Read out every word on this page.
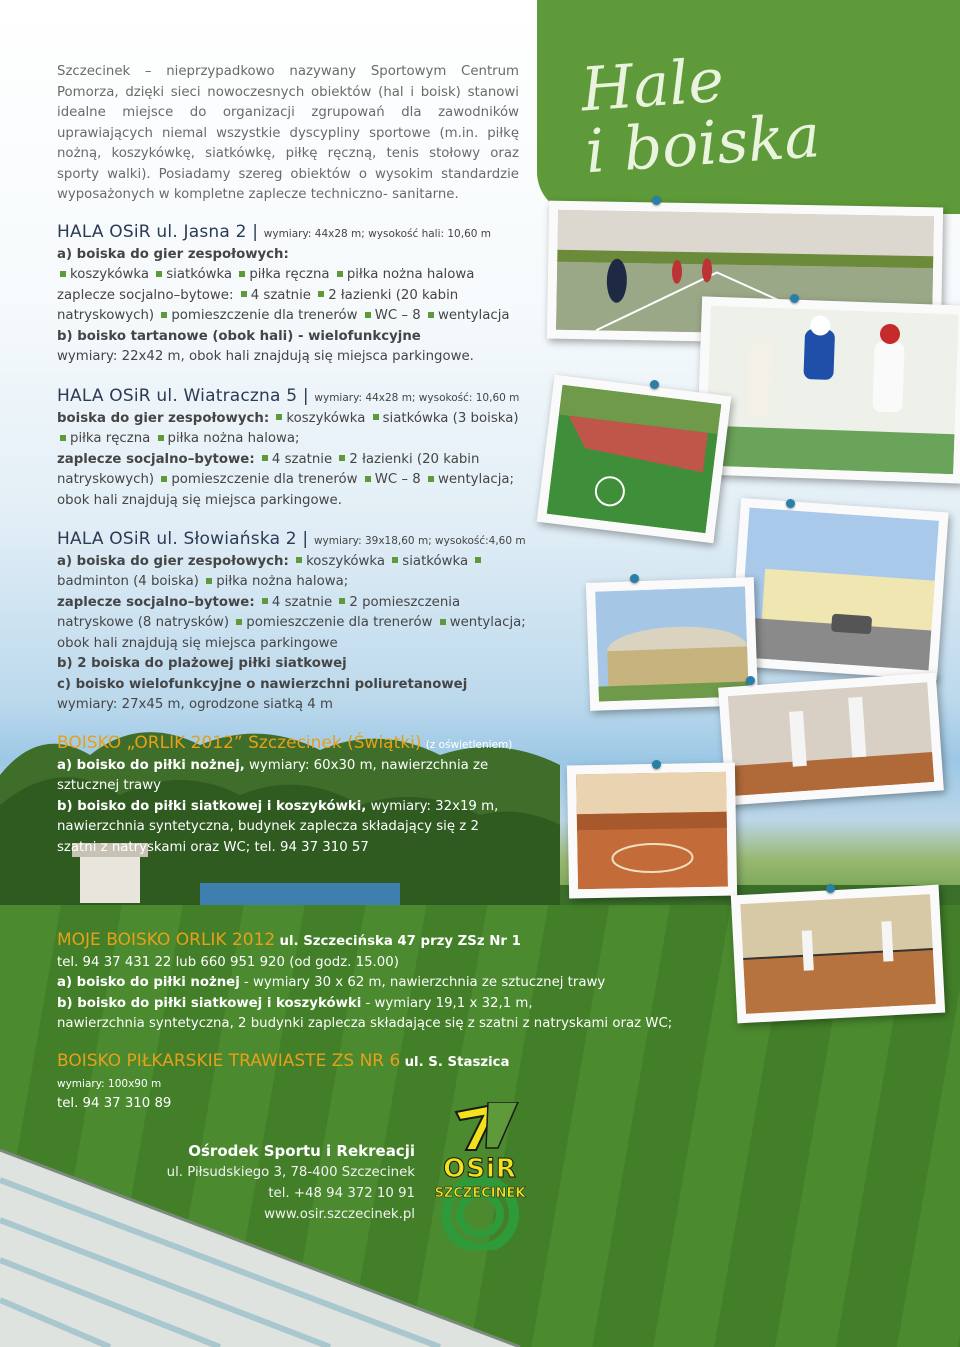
Hale
i boiska
Szczecinek – nieprzypadkowo nazywany Sportowym Centrum Pomorza, dzięki sieci nowoczesnych obiektów (hal i boisk) stanowi idealne miejsce do organizacji zgrupowań dla zawodników uprawiających niemal wszystkie dyscypliny sportowe (m.in. piłkę nożną, koszykówkę, siatkówkę, piłkę ręczną, tenis stołowy oraz sporty walki). Posiadamy szereg obiektów o wysokim standardzie wyposażonych w kompletne zaplecze techniczno- sanitarne.
HALA OSiR ul. Jasna 2 | wymiary: 44x28 m; wysokość hali: 10,60 m
a) boiska do gier zespołowych:
koszykówka siatkówka piłka ręczna piłka nożna halowa
zaplecze socjalno–bytowe: 4 szatnie 2 łazienki (20 kabin natryskowych) pomieszczenie dla trenerów WC – 8 wentylacja
b) boisko tartanowe (obok hali) - wielofunkcyjne
wymiary: 22x42 m, obok hali znajdują się miejsca parkingowe.
HALA OSiR ul. Wiatraczna 5 | wymiary: 44x28 m; wysokość: 10,60 m
boiska do gier zespołowych: koszykówka siatkówka (3 boiska) piłka ręczna piłka nożna halowa;
zaplecze socjalno–bytowe: 4 szatnie 2 łazienki (20 kabin natryskowych) pomieszczenie dla trenerów WC – 8 wentylacja;
obok hali znajdują się miejsca parkingowe.
HALA OSiR ul. Słowiańska 2 | wymiary: 39x18,60 m; wysokość:4,60 m
a) boiska do gier zespołowych: koszykówka siatkówka badminton (4 boiska) piłka nożna halowa;
zaplecze socjalno–bytowe: 4 szatnie 2 pomieszczenia natryskowe (8 natrysków) pomieszczenie dla trenerów wentylacja;
obok hali znajdują się miejsca parkingowe
b) 2 boiska do plażowej piłki siatkowej
c) boisko wielofunkcyjne o nawierzchni poliuretanowej
wymiary: 27x45 m, ogrodzone siatką 4 m
BOISKO „ORLIK 2012” Szczecinek (Świątki) (z oświetleniem)
a) boisko do piłki nożnej, wymiary: 60x30 m, nawierzchnia ze sztucznej trawy
b) boisko do piłki siatkowej i koszykówki, wymiary: 32x19 m, nawierzchnia syntetyczna, budynek zaplecza składający się z 2 szatni z natryskami oraz WC; tel. 94 37 310 57
MOJE BOISKO ORLIK 2012 ul. Szczecińska 47 przy ZSz Nr 1
tel. 94 37 431 22 lub 660 951 920 (od godz. 15.00)
a) boisko do piłki nożnej - wymiary 30 x 62 m, nawierzchnia ze sztucznej trawy
b) boisko do piłki siatkowej i koszykówki - wymiary 19,1 x 32,1 m,
nawierzchnia syntetyczna, 2 budynki zaplecza składające się z szatni z natryskami oraz WC;
BOISKO PIŁKARSKIE TRAWIASTE ZS NR 6 ul. S. Staszica
wymiary: 100x90 m
tel. 94 37 310 89
Ośrodek Sportu i Rekreacji
ul. Piłsudskiego 3, 78-400 Szczecinek
tel. +48 94 372 10 91
www.osir.szczecinek.pl
OSiR
SZCZECINEK
